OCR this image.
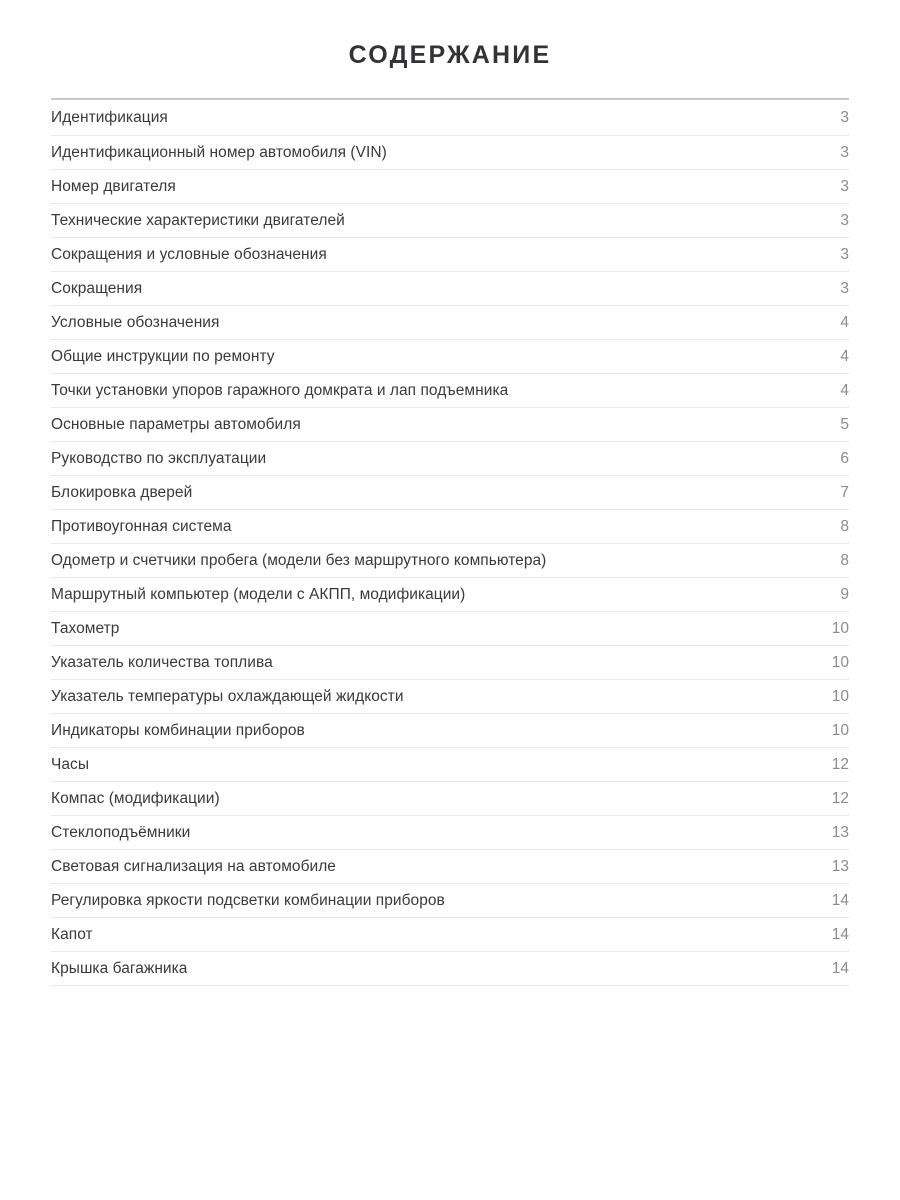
СОДЕРЖАНИЕ
Идентификация	3
Идентификационный номер автомобиля (VIN)	3
Номер двигателя	3
Технические характеристики двигателей	3
Сокращения и условные обозначения	3
Сокращения	3
Условные обозначения	4
Общие инструкции по ремонту	4
Точки установки упоров гаражного домкрата и лап подъемника	4
Основные параметры автомобиля	5
Руководство по эксплуатации	6
Блокировка дверей	7
Противоугонная система	8
Одометр и счетчики пробега (модели без маршрутного компьютера)	8
Маршрутный компьютер (модели с АКПП, модификации)	9
Тахометр	10
Указатель количества топлива	10
Указатель температуры охлаждающей жидкости	10
Индикаторы комбинации приборов	10
Часы	12
Компас (модификации)	12
Стеклоподъёмники	13
Световая сигнализация на автомобиле	13
Регулировка яркости подсветки комбинации приборов	14
Капот	14
Крышка багажника	14
